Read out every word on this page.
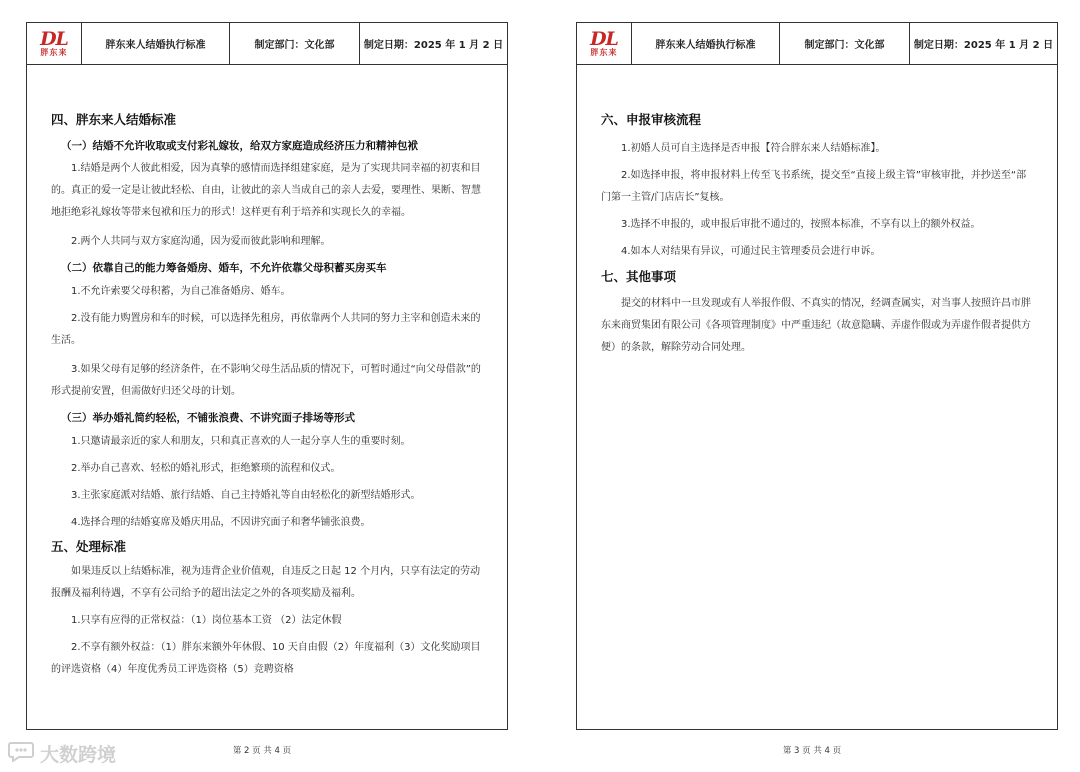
DL
胖东来
胖东来人结婚执行标准	制定部门：文化部	制定日期：2025 年 1 月 2 日
四、胖东来人结婚标准
（一）结婚不允许收取或支付彩礼嫁妆，给双方家庭造成经济压力和精神包袱

1.结婚是两个人彼此相爱，因为真挚的感情而选择组建家庭，是为了实现共同幸福的初衷和目的。真正的爱一定是让彼此轻松、自由，让彼此的亲人当成自己的亲人去爱，要理性、果断、智慧地拒绝彩礼嫁妆等带来包袱和压力的形式！这样更有利于培养和实现长久的幸福。

2.两个人共同与双方家庭沟通，因为爱而彼此影响和理解。

（二）依靠自己的能力筹备婚房、婚车，不允许依靠父母积蓄买房买车

1.不允许索要父母积蓄，为自己准备婚房、婚车。

2.没有能力购置房和车的时候，可以选择先租房，再依靠两个人共同的努力主宰和创造未来的生活。

3.如果父母有足够的经济条件，在不影响父母生活品质的情况下，可暂时通过“向父母借款”的形式提前安置，但需做好归还父母的计划。

（三）举办婚礼简约轻松，不铺张浪费、不讲究面子排场等形式

1.只邀请最亲近的家人和朋友，只和真正喜欢的人一起分享人生的重要时刻。

2.举办自己喜欢、轻松的婚礼形式，拒绝繁琐的流程和仪式。

3.主张家庭派对结婚、旅行结婚、自己主持婚礼等自由轻松化的新型结婚形式。

4.选择合理的结婚宴席及婚庆用品，不因讲究面子和奢华铺张浪费。

五、处理标准

如果违反以上结婚标准，视为违背企业价值观，自违反之日起 12 个月内，只享有法定的劳动报酬及福利待遇，不享有公司给予的超出法定之外的各项奖励及福利。

1.只享有应得的正常权益：（1）岗位基本工资 （2）法定休假

2.不享有额外权益：（1）胖东来额外年休假、10 天自由假（2）年度福利（3）文化奖励项目的评选资格（4）年度优秀员工评选资格（5）竞聘资格

DL
胖东来
胖东来人结婚执行标准	制定部门：文化部	制定日期：2025 年 1 月 2 日
六、申报审核流程

1.初婚人员可自主选择是否申报【符合胖东来人结婚标准】。

2.如选择申报，将申报材料上传至飞书系统，提交至“直接上级主管”审核审批，并抄送至“部门第一主管/门店店长”复核。

3.选择不申报的，或申报后审批不通过的，按照本标准，不享有以上的额外权益。

4.如本人对结果有异议，可通过民主管理委员会进行申诉。

七、其他事项

提交的材料中一旦发现或有人举报作假、不真实的情况，经调查属实，对当事人按照许昌市胖东来商贸集团有限公司《各项管理制度》中严重违纪（故意隐瞒、弄虚作假或为弄虚作假者提供方便）的条款，解除劳动合同处理。

第 2 页 共 4 页	第 3 页 共 4 页
大数跨境
